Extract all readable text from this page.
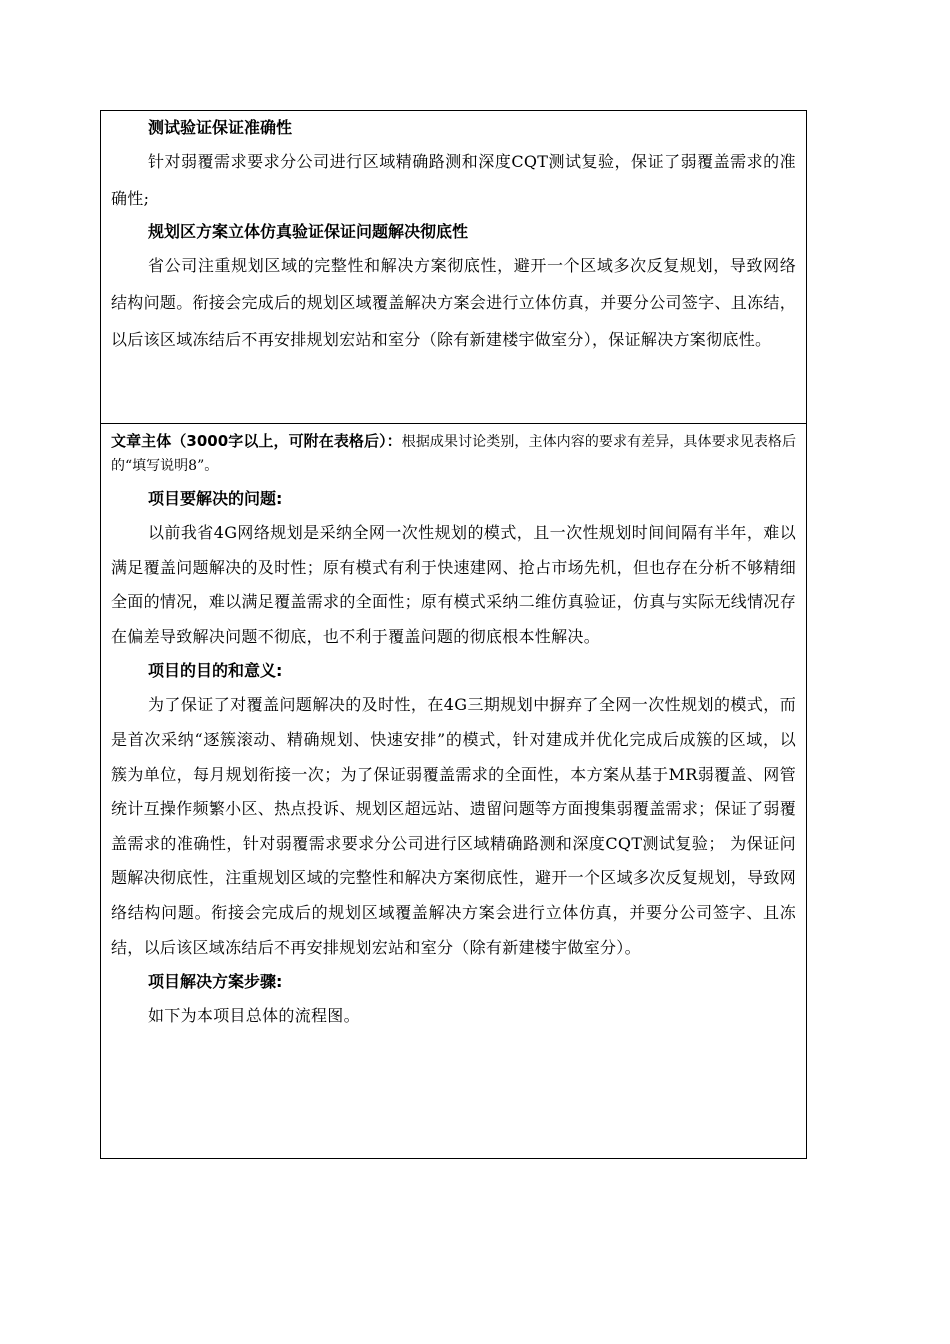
测试验证保证准确性

针对弱覆需求要求分公司进行区域精确路测和深度CQT测试复验，保证了弱覆盖需求的准确性;

规划区方案立体仿真验证保证问题解决彻底性

省公司注重规划区域的完整性和解决方案彻底性，避开一个区域多次反复规划，导致网络结构问题。衔接会完成后的规划区域覆盖解决方案会进行立体仿真，并要分公司签字、且冻结，以后该区域冻结后不再安排规划宏站和室分（除有新建楼宇做室分），保证解决方案彻底性。

文章主体（3000字以上，可附在表格后）：根据成果讨论类别，主体内容的要求有差异，具体要求见表格后的“填写说明8”。

项目要解决的问题:

以前我省4G网络规划是采纳全网一次性规划的模式，且一次性规划时间间隔有半年，难以满足覆盖问题解决的及时性；原有模式有利于快速建网、抢占市场先机，但也存在分析不够精细全面的情况，难以满足覆盖需求的全面性；原有模式采纳二维仿真验证，仿真与实际无线情况存在偏差导致解决问题不彻底，也不利于覆盖问题的彻底根本性解决。

项目的目的和意义:

为了保证了对覆盖问题解决的及时性，在4G三期规划中摒弃了全网一次性规划的模式，而是首次采纳“逐簇滚动、精确规划、快速安排”的模式，针对建成并优化完成后成簇的区域，以簇为单位，每月规划衔接一次；为了保证弱覆盖需求的全面性，本方案从基于MR弱覆盖、网管统计互操作频繁小区、热点投诉、规划区超远站、遗留问题等方面搜集弱覆盖需求；保证了弱覆盖需求的准确性，针对弱覆需求要求分公司进行区域精确路测和深度CQT测试复验； 为保证问题解决彻底性，注重规划区域的完整性和解决方案彻底性，避开一个区域多次反复规划，导致网络结构问题。衔接会完成后的规划区域覆盖解决方案会进行立体仿真，并要分公司签字、且冻结，以后该区域冻结后不再安排规划宏站和室分（除有新建楼宇做室分）。

项目解决方案步骤:

如下为本项目总体的流程图。
